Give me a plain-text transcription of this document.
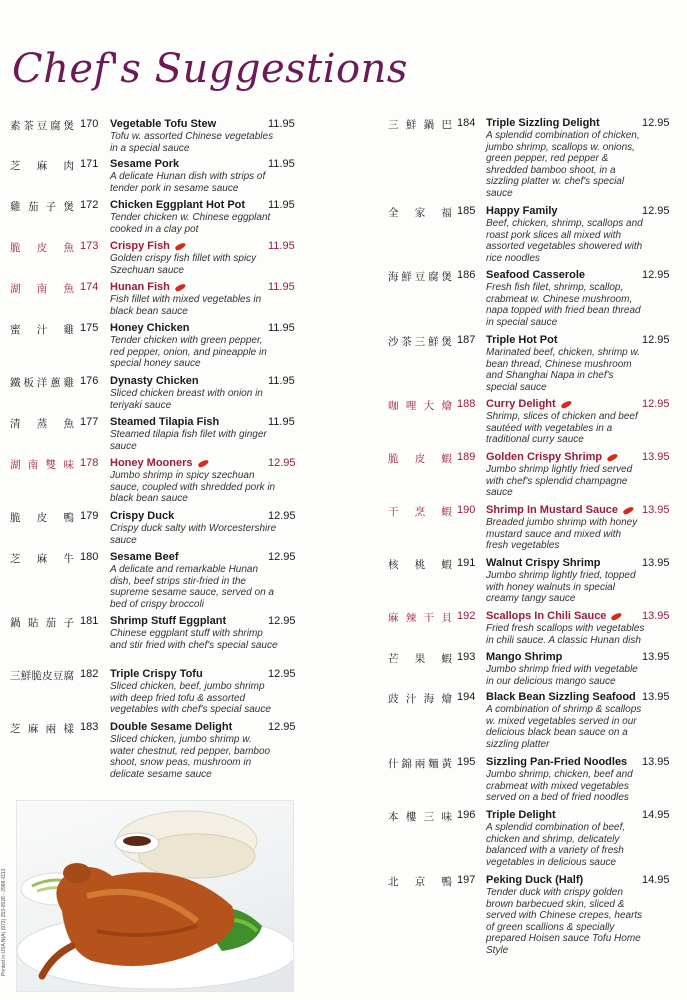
Chef's Suggestions
Printed in USA N(A) (973) 253-0928 - 2988-1113
素茶豆腐煲 170 Vegetable Tofu Stew
Tofu w. assorted Chinese vegetables in a special sauce
11.95
芝麻肉 171 Sesame Pork
A delicate Hunan dish with strips of tender pork in sesame sauce
11.95
雞茄子煲 172 Chicken Eggplant Hot Pot
Tender chicken w. Chinese eggplant cooked in a clay pot
11.95
脆皮魚 173 Crispy Fish
Golden crispy fish fillet with spicy Szechuan sauce
11.95
湖南魚 174 Hunan Fish
Fish fillet with mixed vegetables in black bean sauce
11.95
蜜汁雞 175 Honey Chicken
Tender chicken with green pepper, red pepper, onion, and pineapple in special honey sauce
11.95
鐵板洋蔥雞 176 Dynasty Chicken
Sliced chicken breast with onion in teriyaki sauce
11.95
清蒸魚 177 Steamed Tilapia Fish
Steamed tilapia fish filet with ginger sauce
11.95
湖南雙味 178 Honey Mooners
Jumbo shrimp in spicy szechuan sauce, coupled with shredded pork in black bean sauce
12.95
脆皮鴨 179 Crispy Duck
Crispy duck salty with Worcestershire sauce
12.95
芝麻牛 180 Sesame Beef
A delicate and remarkable Hunan dish, beef strips stir-fried in the supreme sesame sauce, served on a bed of crispy broccoli
12.95
鍋貼茄子 181 Shrimp Stuff Eggplant
Chinese eggplant stuff with shrimp and stir fried with chef's special sauce
12.95
三鮮脆皮豆腐 182 Triple Crispy Tofu
Sliced chicken, beef, jumbo shrimp with deep fried tofu & assorted vegetables with chef's special sauce
12.95
芝麻兩樣 183 Double Sesame Delight
Sliced chicken, jumbo shrimp w. water chestnut, red pepper, bamboo shoot, snow peas, mushroom in delicate sesame sauce
12.95
三鮮鍋巴 184 Triple Sizzling Delight
A splendid combination of chicken, jumbo shrimp, scallops w. onions, green pepper, red pepper & shredded bamboo shoot, in a sizzling platter w. chef's special sauce
12.95
全家福 185 Happy Family
Beef, chicken, shrimp, scallops and roast pork slices all mixed with assorted vegetables showered with rice noodles
12.95
海鮮豆腐煲 186 Seafood Casserole
Fresh fish filet, shrimp, scallop, crabmeat w. Chinese mushroom, napa topped with fried bean thread in special sauce
12.95
沙茶三鮮煲 187 Triple Hot Pot
Marinated beef, chicken, shrimp w. bean thread, Chinese mushroom and Shanghai Napa in chef's special sauce
12.95
咖哩大燴 188 Curry Delight
Shrimp, slices of chicken and beef sautéed with vegetables in a traditional curry sauce
12.95
脆皮蝦 189 Golden Crispy Shrimp
Jumbo shrimp lightly fried served with chef's splendid champagne sauce
13.95
干烹蝦 190 Shrimp In Mustard Sauce
Breaded jumbo shrimp with honey mustard sauce and mixed with fresh vegetables
13.95
核桃蝦 191 Walnut Crispy Shrimp
Jumbo shrimp lightly fried, topped with honey walnuts in special creamy tangy sauce
13.95
麻辣干貝 192 Scallops In Chili Sauce
Fried fresh scallops with vegetables in chili sauce. A classic Hunan dish
13.95
芒果蝦 193 Mango Shrimp
Jumbo shrimp fried with vegetable in our delicious mango sauce
13.95
豉汁海燴 194 Black Bean Sizzling Seafood
A combination of shrimp & scallops w. mixed vegetables served in our delicious black bean sauce on a sizzling platter
13.95
什錦兩麵黃 195 Sizzling Pan-Fried Noodles
Jumbo shrimp, chicken, beef and crabmeat with mixed vegetables served on a bed of fried noodles
13.95
本樓三味 196 Triple Delight
A splendid combination of beef, chicken and shrimp, delicately balanced with a variety of fresh vegetables in delicious sauce
14.95
北京鴨 197 Peking Duck (Half)
Tender duck with crispy golden brown barbecued skin, sliced & served with Chinese crepes, hearts of green scallions & specially prepared Hoisen sauce Tofu Home Style
14.95
